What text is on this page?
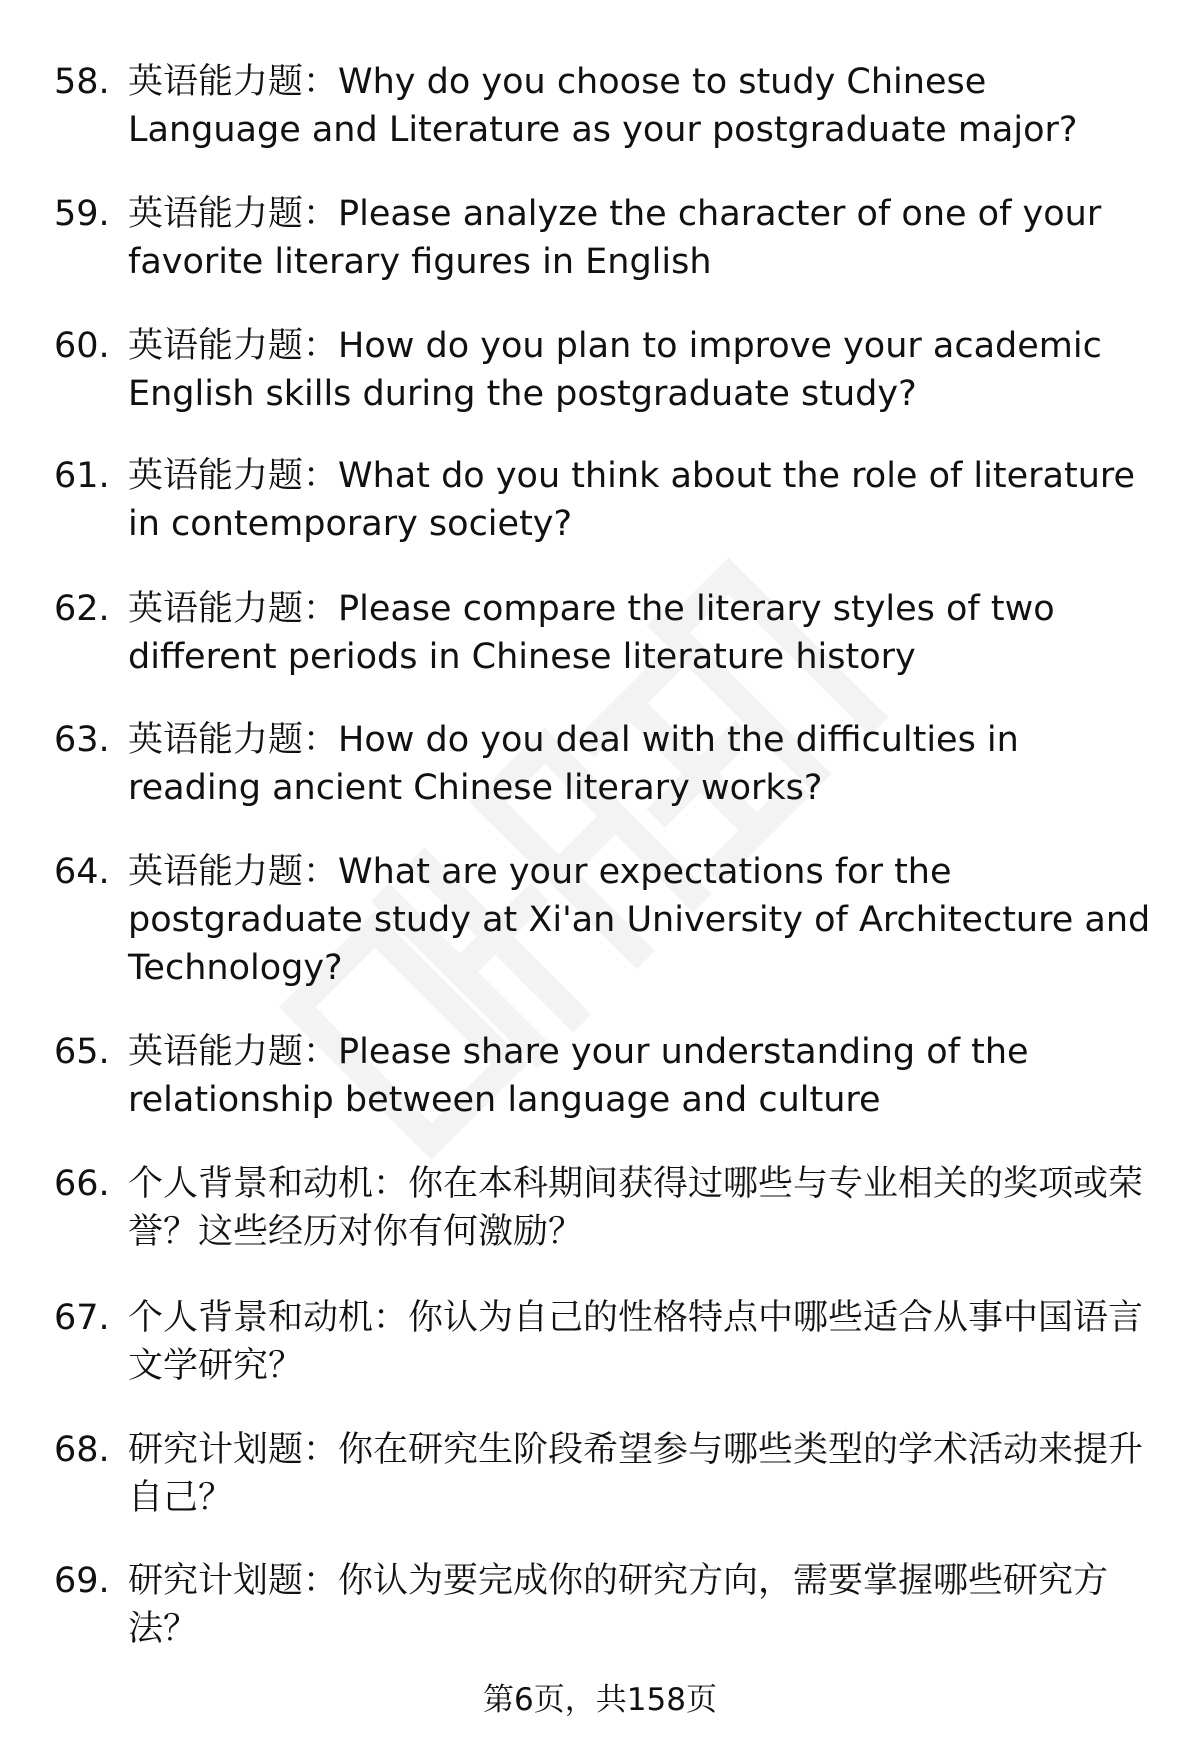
58. 英语能力题：Why do you choose to study Chinese Language and Literature as your postgraduate major?
59. 英语能力题：Please analyze the character of one of your favorite literary figures in English
60. 英语能力题：How do you plan to improve your academic English skills during the postgraduate study?
61. 英语能力题：What do you think about the role of literature in contemporary society?
62. 英语能力题：Please compare the literary styles of two different periods in Chinese literature history
63. 英语能力题：How do you deal with the difficulties in reading ancient Chinese literary works?
64. 英语能力题：What are your expectations for the postgraduate study at Xi'an University of Architecture and Technology?
65. 英语能力题：Please share your understanding of the relationship between language and culture
66. 个人背景和动机：你在本科期间获得过哪些与专业相关的奖项或荣誉？这些经历对你有何激励？
67. 个人背景和动机：你认为自己的性格特点中哪些适合从事中国语言文学研究？
68. 研究计划题：你在研究生阶段希望参与哪些类型的学术活动来提升自己？
69. 研究计划题：你认为要完成你的研究方向，需要掌握哪些研究方法？
第6页，共158页
